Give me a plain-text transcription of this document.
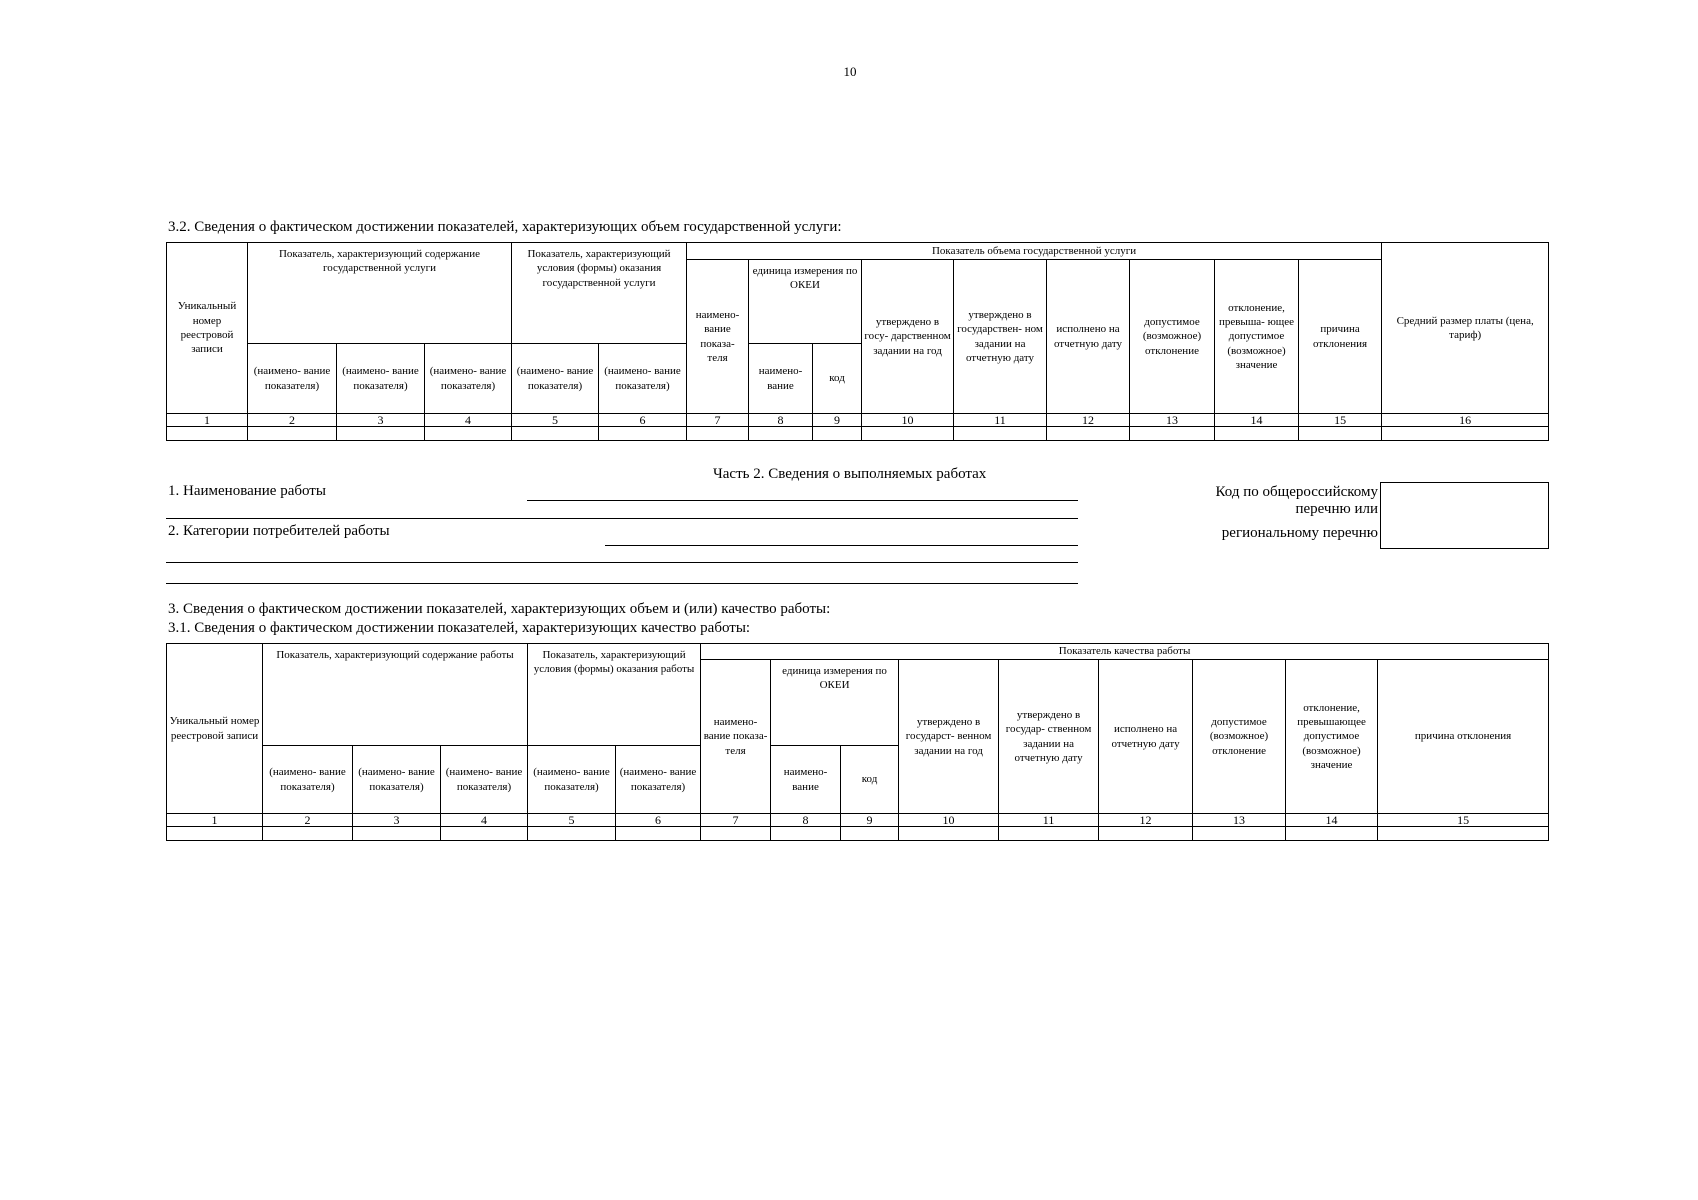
10
3.2. Сведения о фактическом достижении показателей, характеризующих объем государственной услуги:
Уникальный номер реестровой записи	Показатель, характеризующий содержание государственной услуги			Показатель, характеризующий условия (формы) оказания государственной услуги		Показатель объема государственной услуги									Средний размер платы (цена, тариф)
						наимено- вание показа- теля	единица измерения по ОКЕИ		утверждено в госу- дарственном задании на год	утверждено в государствен- ном задании на отчетную дату	исполнено на отчетную дату	допустимое (возможное) отклонение	отклонение, превыша- ющее допустимое (возможное) значение	причина отклонения	
	(наимено- вание показателя)	(наимено- вание показателя)	(наимено- вание показателя)	(наимено- вание показателя)	(наимено- вание показателя)		наимено- вание	код							
1	2	3	4	5	6	7	8	9	10	11	12	13	14	15	16

Часть 2. Сведения о выполняемых работах
1. Наименование работы
2. Категории потребителей работы
Код по общероссийскому
перечню или
региональному перечню
3. Сведения о фактическом достижении показателей, характеризующих объем и (или) качество работы:
3.1. Сведения о фактическом достижении показателей, характеризующих качество работы:
Уникальный номер реестровой записи	Показатель, характеризующий содержание работы			Показатель, характеризующий условия (формы) оказания работы		Показатель качества работы								
						наимено- вание показа- теля	единица измерения по ОКЕИ		утверждено в государст- венном задании на год	утверждено в государ- ственном задании на отчетную дату	исполнено на отчетную дату	допустимое (возможное) отклонение	отклонение, превышающее допустимое (возможное) значение	причина отклонения
	(наимено- вание показателя)	(наимено- вание показателя)	(наимено- вание показателя)	(наимено- вание показателя)	(наимено- вание показателя)		наимено- вание	код						
1	2	3	4	5	6	7	8	9	10	11	12	13	14	15
